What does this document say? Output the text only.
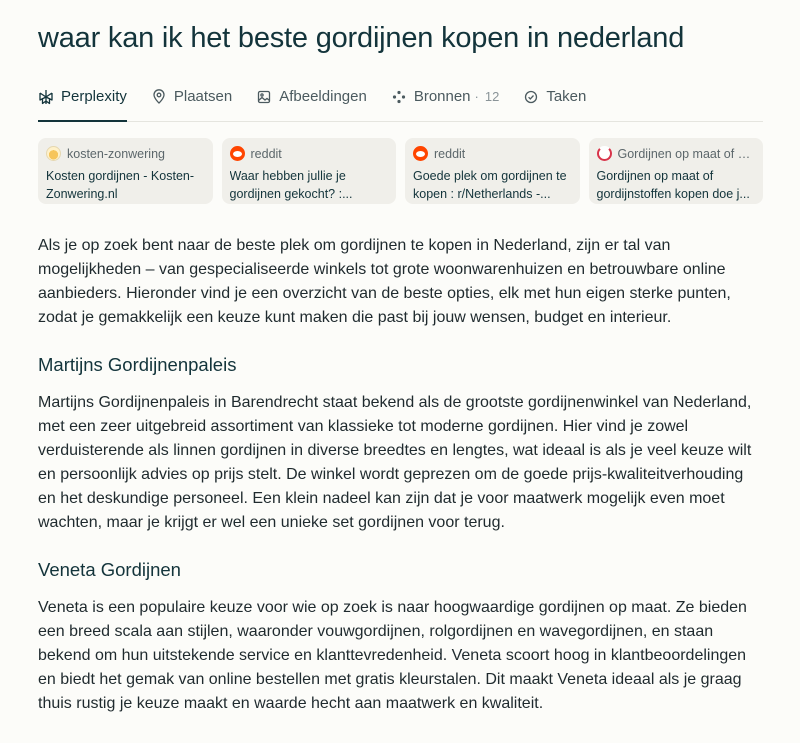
waar kan ik het beste gordijnen kopen in nederland
Perplexity	Plaatsen	Afbeeldingen	Bronnen · 12	Taken
kosten-zonwering
Kosten gordijnen - Kosten-Zonwering.nl
reddit
Waar hebben jullie je gordijnen gekocht? :...
reddit
Goede plek om gordijnen te kopen : r/Netherlands -...
Gordijnen op maat of g...
Gordijnen op maat of gordijnstoffen kopen doe j...

Als je op zoek bent naar de beste plek om gordijnen te kopen in Nederland, zijn er tal van mogelijkheden – van gespecialiseerde winkels tot grote woonwarenhuizen en betrouwbare online aanbieders. Hieronder vind je een overzicht van de beste opties, elk met hun eigen sterke punten, zodat je gemakkelijk een keuze kunt maken die past bij jouw wensen, budget en interieur.

Martijns Gordijnenpaleis

Martijns Gordijnenpaleis in Barendrecht staat bekend als de grootste gordijnenwinkel van Nederland, met een zeer uitgebreid assortiment van klassieke tot moderne gordijnen. Hier vind je zowel verduisterende als linnen gordijnen in diverse breedtes en lengtes, wat ideaal is als je veel keuze wilt en persoonlijk advies op prijs stelt. De winkel wordt geprezen om de goede prijs-kwaliteitverhouding en het deskundige personeel. Een klein nadeel kan zijn dat je voor maatwerk mogelijk even moet wachten, maar je krijgt er wel een unieke set gordijnen voor terug.

Veneta Gordijnen

Veneta is een populaire keuze voor wie op zoek is naar hoogwaardige gordijnen op maat. Ze bieden een breed scala aan stijlen, waaronder vouwgordijnen, rolgordijnen en wavegordijnen, en staan bekend om hun uitstekende service en klanttevredenheid. Veneta scoort hoog in klantbeoordelingen en biedt het gemak van online bestellen met gratis kleurstalen. Dit maakt Veneta ideaal als je graag thuis rustig je keuze maakt en waarde hecht aan maatwerk en kwaliteit.
